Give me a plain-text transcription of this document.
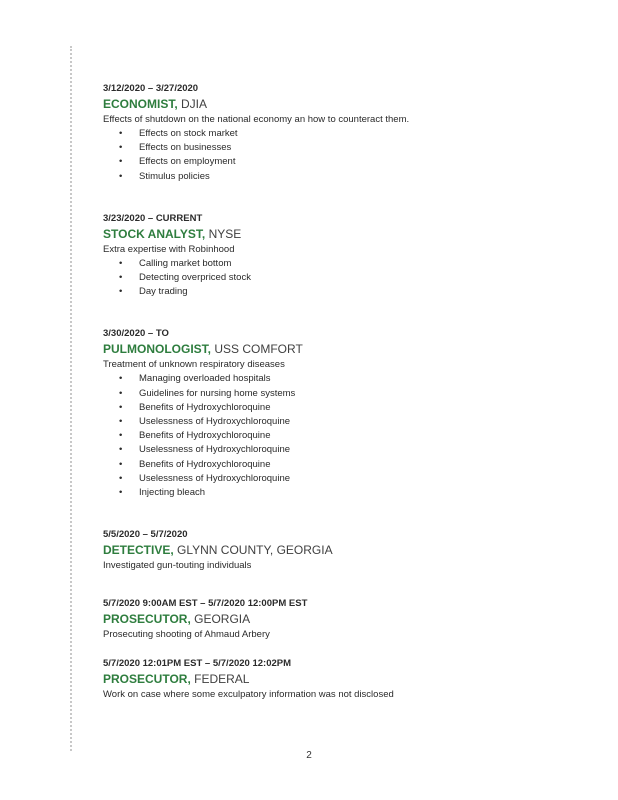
3/12/2020 – 3/27/2020

ECONOMIST, DJIA

Effects of shutdown on the national economy an how to counteract them.

• Effects on stock market
• Effects on businesses
• Effects on employment
• Stimulus policies

3/23/2020 – CURRENT

STOCK ANALYST, NYSE

Extra expertise with Robinhood

• Calling market bottom
• Detecting overpriced stock
• Day trading

3/30/2020 – TO

PULMONOLOGIST, USS COMFORT

Treatment of unknown respiratory diseases

• Managing overloaded hospitals
• Guidelines for nursing home systems
• Benefits of Hydroxychloroquine
• Uselessness of Hydroxychloroquine
• Benefits of Hydroxychloroquine
• Uselessness of Hydroxychloroquine
• Benefits of Hydroxychloroquine
• Uselessness of Hydroxychloroquine
• Injecting bleach

5/5/2020 – 5/7/2020

DETECTIVE, GLYNN COUNTY, GEORGIA

Investigated gun-touting individuals

5/7/2020 9:00AM EST – 5/7/2020 12:00PM EST

PROSECUTOR, GEORGIA

Prosecuting shooting of Ahmaud Arbery

5/7/2020 12:01PM EST – 5/7/2020 12:02PM

PROSECUTOR, FEDERAL

Work on case where some exculpatory information was not disclosed

2
